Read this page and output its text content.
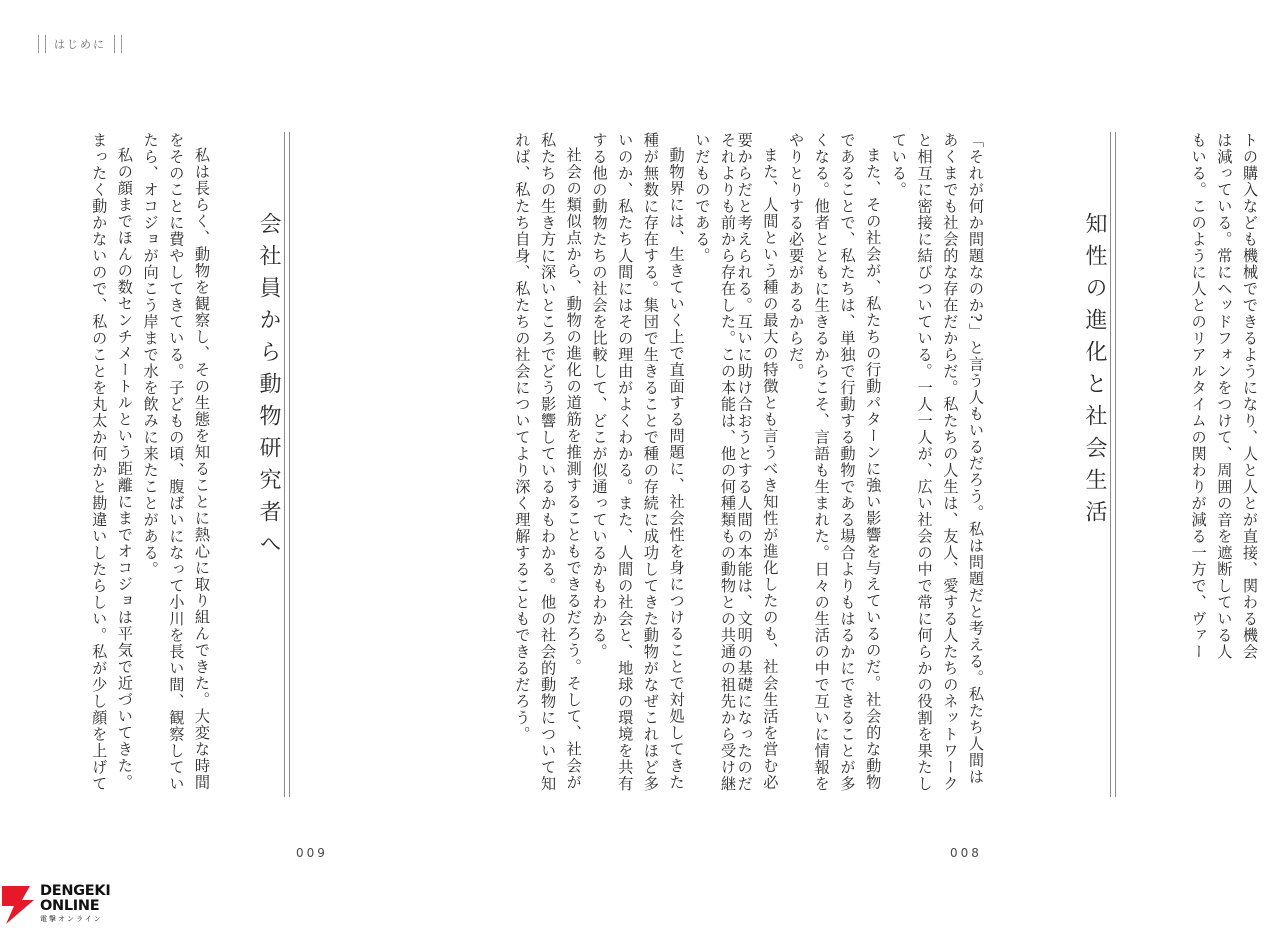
はじめに

トの購入なども機械でできるようになり、人と人とが直接、関わる機会は減っている。常にヘッドフォンをつけて、周囲の音を遮断している人もいる。このように人とのリアルタイムの関わりが減る一方で、ヴァー

知性の進化と社会生活

「それが何か問題なのか?」と言う人もいるだろう。私は問題だと考える。私たち人間はあくまでも社会的な存在だからだ。私たちの人生は、友人、愛する人たちのネットワークと相互に密接に結びついている。一人一人が、広い社会の中で常に何らかの役割を果たしている。

また、その社会が、私たちの行動パターンに強い影響を与えているのだ。社会的な動物であることで、私たちは、単独で行動する動物である場合よりもはるかにできることが多くなる。他者とともに生きるからこそ、言語も生まれた。日々の生活の中で互いに情報をやりとりする必要があるからだ。

また、人間という種の最大の特徴とも言うべき知性が進化したのも、社会生活を営む必要からだと考えられる。互いに助け合おうとする人間の本能は、文明の基礎になったのだ

それよりも前から存在した。この本能は、他の何種類もの動物との共通の祖先から受け継いだものである。

動物界には、生きていく上で直面する問題に、社会性を身につけることで対処してきた種が無数に存在する。集団で生きることで種の存続に成功してきた動物がなぜこれほど多いのか、私たち人間にはその理由がよくわかる。また、人間の社会と、地球の環境を共有する他の動物たちの社会を比較して、どこが似通っているかもわかる。

社会の類似点から、動物の進化の道筋を推測することもできるだろう。そして、社会が私たちの生き方に深いところでどう影響しているかもわかる。他の社会的動物について知れば、私たち自身、私たちの社会についてより深く理解することもできるだろう。

会社員から動物研究者へ

私は長らく、動物を観察し、その生態を知ることに熱心に取り組んできた。大変な時間をそのことに費やしてきている。子どもの頃、腹ばいになって小川を長い間、観察していたら、オコジョが向こう岸まで水を飲みに来たことがある。

私の顔までほんの数センチメートルという距離にまでオコジョは平気で近づいてきた。まったく動かないので、私のことを丸太か何かと勘違いしたらしい。私が少し顔を上げて

009	008
DENGEKI
ONLINE
電撃オンライン
